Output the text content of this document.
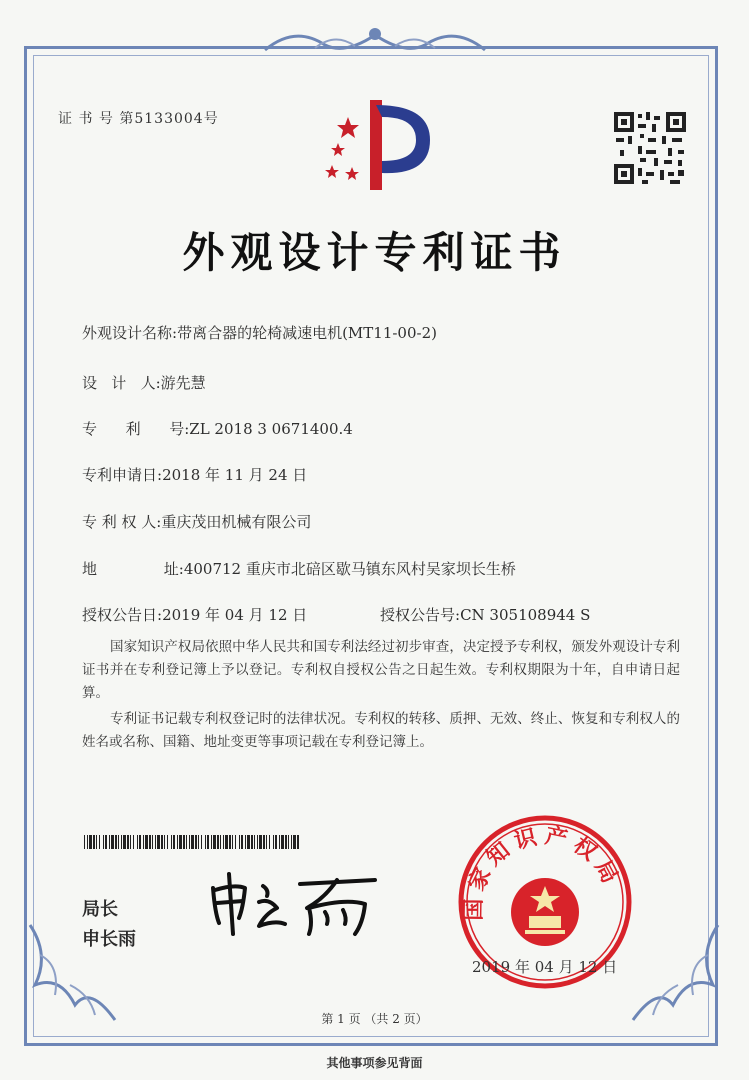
证 书 号 第5133004号
外观设计专利证书
外观设计名称:带离合器的轮椅减速电机(MT11-00-2)
设   计   人:游先慧
专      利      号:ZL 2018 3 0671400.4
专利申请日:2018 年 11 月 24 日
专 利 权 人:重庆茂田机械有限公司
地              址:400712 重庆市北碚区歇马镇东风村吴家坝长生桥
授权公告日:2019 年 04 月 12 日	授权公告号:CN 305108944 S
国家知识产权局依照中华人民共和国专利法经过初步审查，决定授予专利权，颁发外观设计专利证书并在专利登记簿上予以登记。专利权自授权公告之日起生效。专利权期限为十年，自申请日起算。
专利证书记载专利权登记时的法律状况。专利权的转移、质押、无效、终止、恢复和专利权人的姓名或名称、国籍、地址变更等事项记载在专利登记簿上。
局长
申长雨
国家知识产权局
2019 年 04 月 12 日
第 1 页 （共 2 页）
其他事项参见背面
